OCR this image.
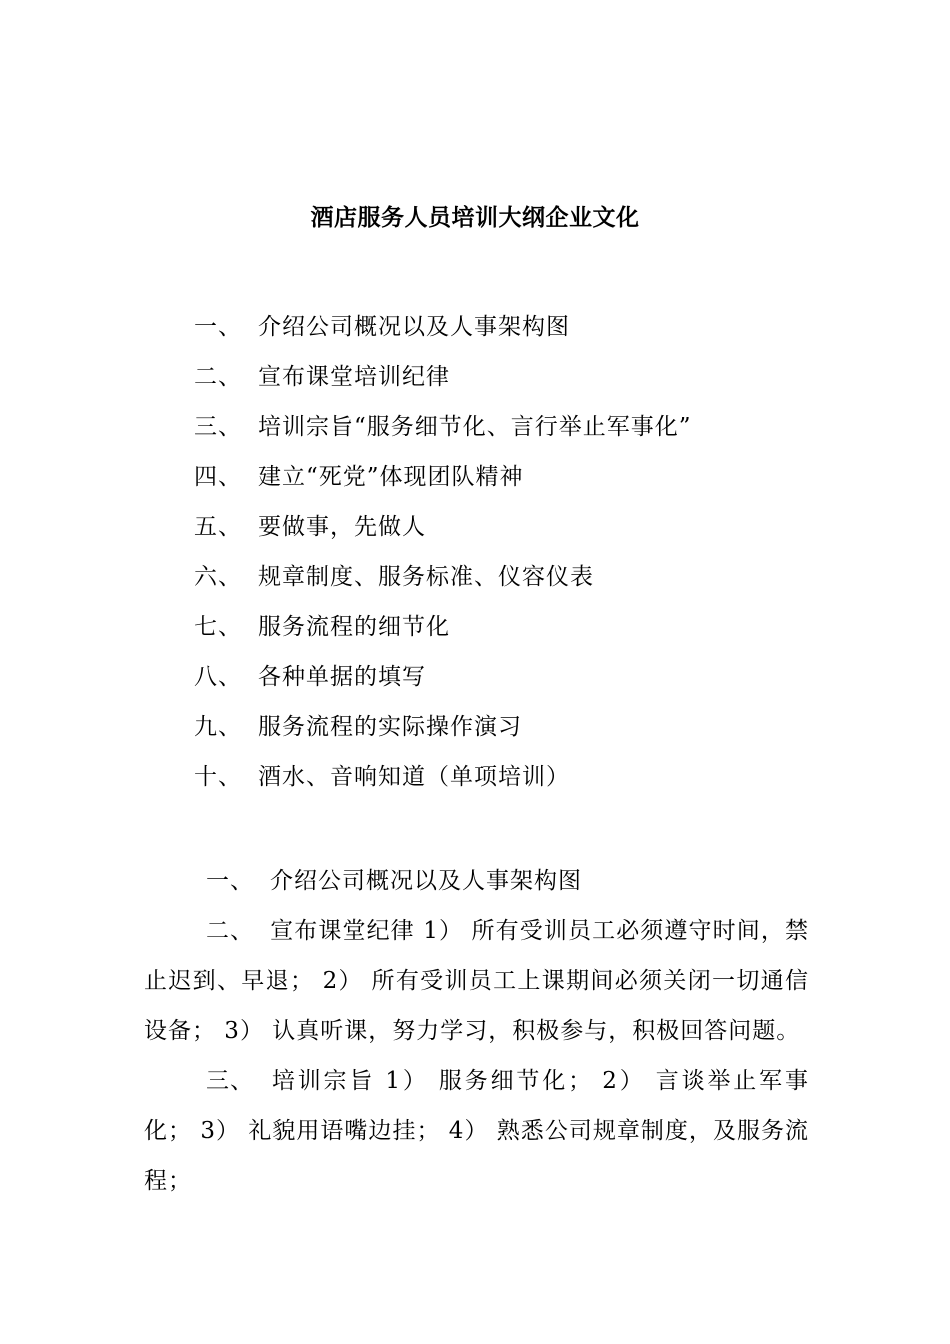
酒店服务人员培训大纲企业文化
一、 介绍公司概况以及人事架构图
二、 宣布课堂培训纪律
三、 培训宗旨“服务细节化、言行举止军事化”
四、 建立“死党”体现团队精神
五、 要做事，先做人
六、 规章制度、服务标准、仪容仪表
七、 服务流程的细节化
八、 各种单据的填写
九、 服务流程的实际操作演习
十、 酒水、音响知道（单项培训）

一、 介绍公司概况以及人事架构图

二、 宣布课堂纪律 1） 所有受训员工必须遵守时间，禁止迟到、早退； 2） 所有受训员工上课期间必须关闭一切通信设备； 3） 认真听课，努力学习，积极参与，积极回答问题。

三、 培训宗旨 1） 服务细节化； 2） 言谈举止军事化； 3） 礼貌用语嘴边挂； 4） 熟悉公司规章制度，及服务流程；
